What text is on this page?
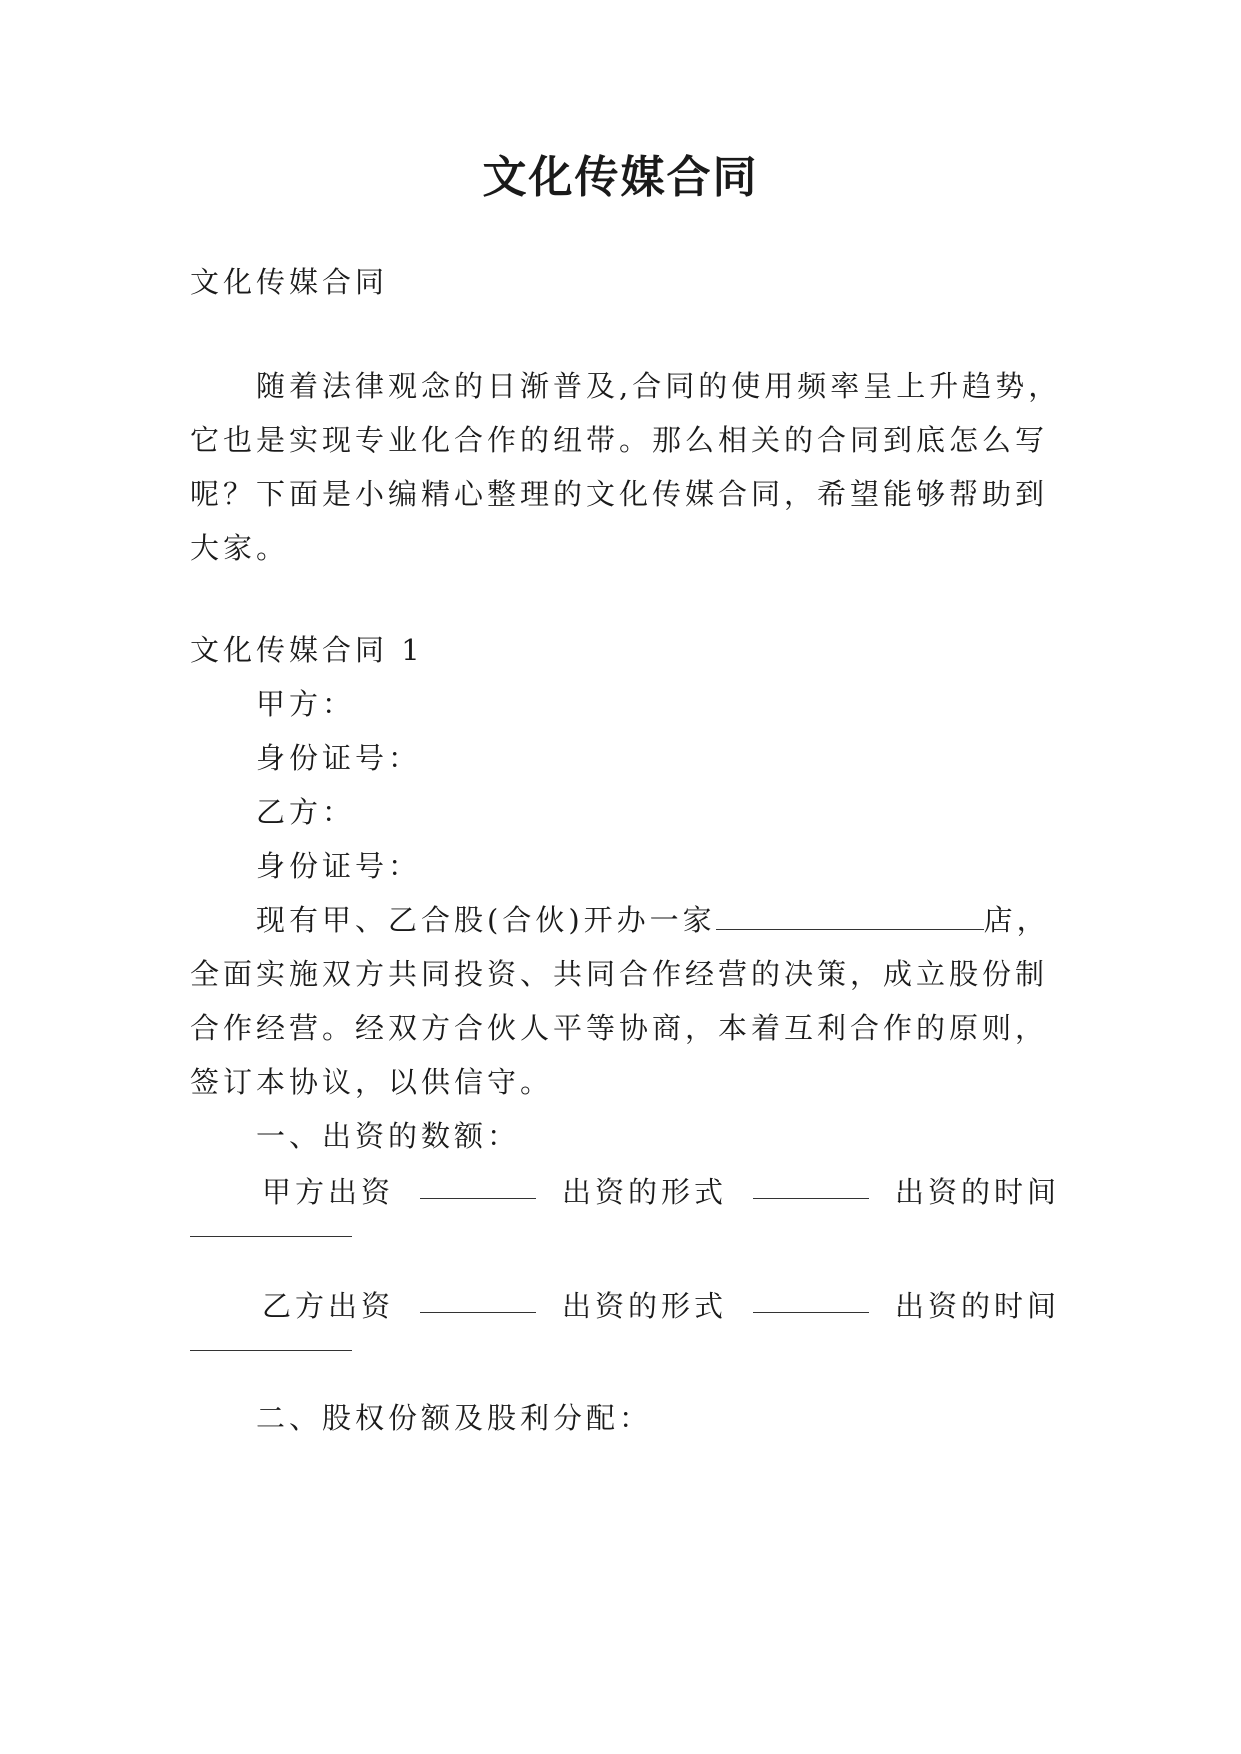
文化传媒合同
文化传媒合同
随着法律观念的日渐普及,合同的使用频率呈上升趋势，
它也是实现专业化合作的纽带。那么相关的合同到底怎么写
呢？下面是小编精心整理的文化传媒合同，希望能够帮助到
大家。
文化传媒合同 1
甲方：
身份证号：
乙方：
身份证号：
现有甲、乙合股(合伙)开办一家	店，
全面实施双方共同投资、共同合作经营的决策，成立股份制
合作经营。经双方合伙人平等协商，本着互利合作的原则，
签订本协议，以供信守。
一、出资的数额：
甲方出资	出资的形式	出资的时间
乙方出资	出资的形式	出资的时间
二、股权份额及股利分配：
